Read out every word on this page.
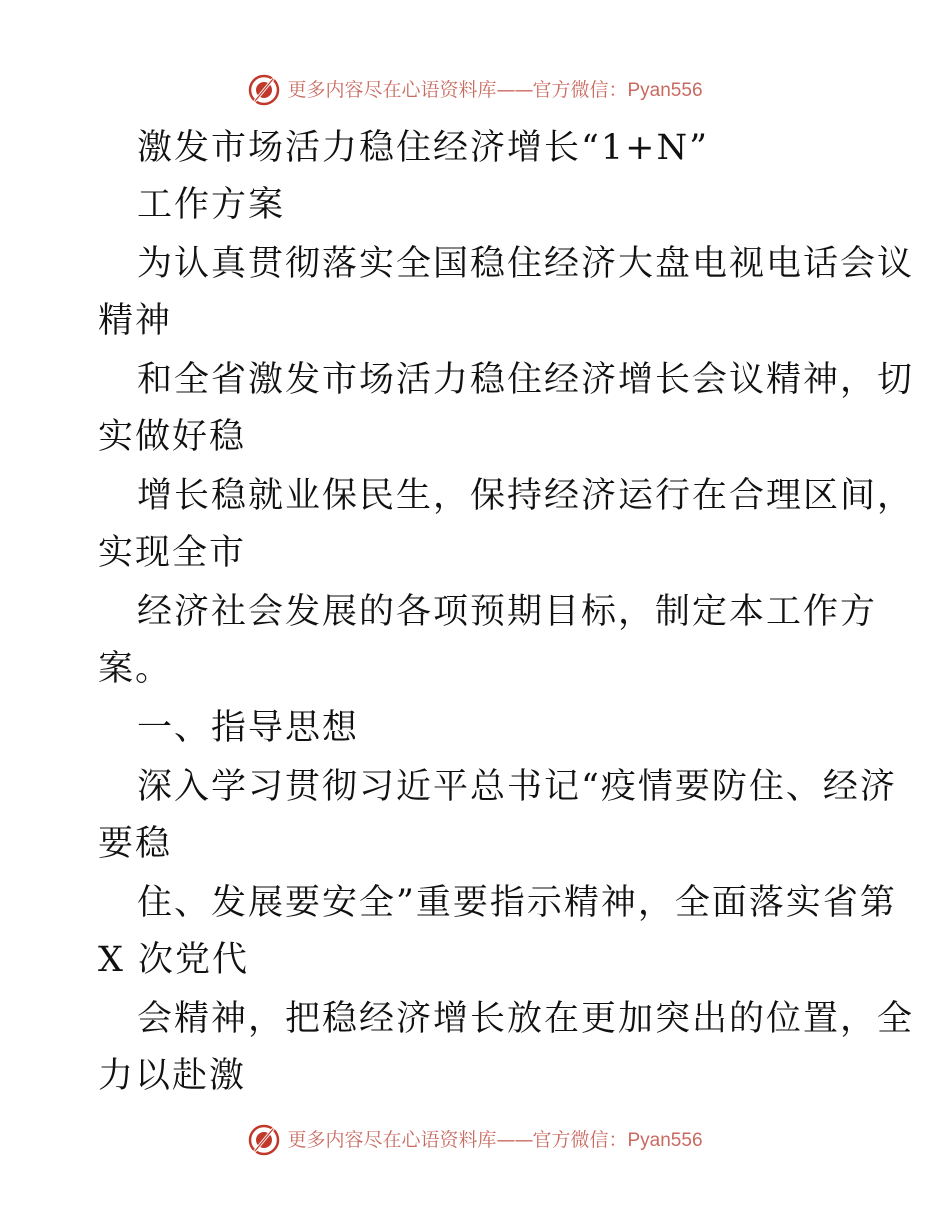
更多内容尽在心语资料库 —— 官方微信： Pyan556
激发市场活力稳住经济增长“1+N”
工作方案
为认真贯彻落实全国稳住经济大盘电视电话会议
精神
和全省激发市场活力稳住经济增长会议精神，切
实做好稳
增长稳就业保民生，保持经济运行在合理区间，
实现全市
经济社会发展的各项预期目标，制定本工作方
案。
一、指导思想
深入学习贯彻习近平总书记“疫情要防住、经济
要稳
住、发展要安全”重要指示精神，全面落实省第
X 次党代
会精神，把稳经济增长放在更加突出的位置，全
力以赴激
更多内容尽在心语资料库 —— 官方微信： Pyan556
